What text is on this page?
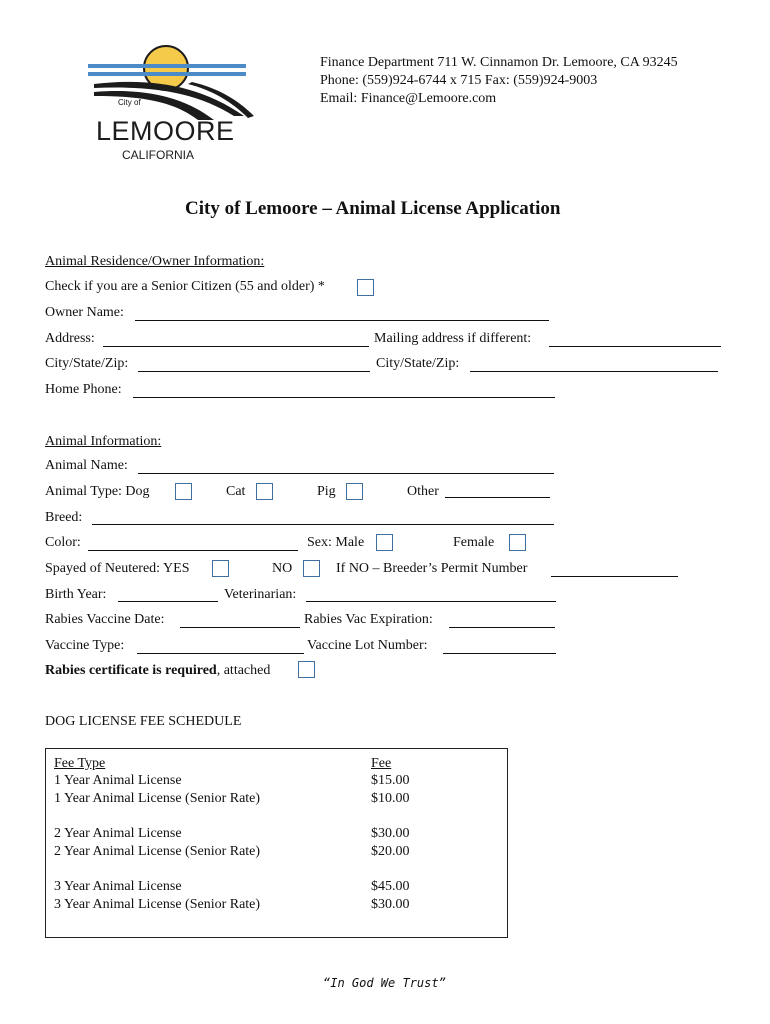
City of
LEMOORE
CALIFORNIA
Finance Department 711 W. Cinnamon Dr. Lemoore, CA 93245
Phone: (559)924-6744 x 715 Fax: (559)924-9003
Email: Finance@Lemoore.com
City of Lemoore – Animal License Application
Animal Residence/Owner Information:
Check if you are a Senior Citizen (55 and older) *
Owner Name:
Address:	Mailing address if different:
City/State/Zip:	City/State/Zip:
Home Phone:
Animal Information:
Animal Name:
Animal Type: Dog	Cat	Pig	Other
Breed:
Color:	Sex: Male	Female
Spayed of Neutered: YES	NO	If NO – Breeder’s Permit Number
Birth Year:	Veterinarian:
Rabies Vaccine Date:	Rabies Vac Expiration:
Vaccine Type:	Vaccine Lot Number:
Rabies certificate is required, attached
DOG LICENSE FEE SCHEDULE
Fee Type	Fee
1 Year Animal License	$15.00
1 Year Animal License (Senior Rate)	$10.00
2 Year Animal License	$30.00
2 Year Animal License (Senior Rate)	$20.00
3 Year Animal License	$45.00
3 Year Animal License (Senior Rate)	$30.00
“In God We Trust”
